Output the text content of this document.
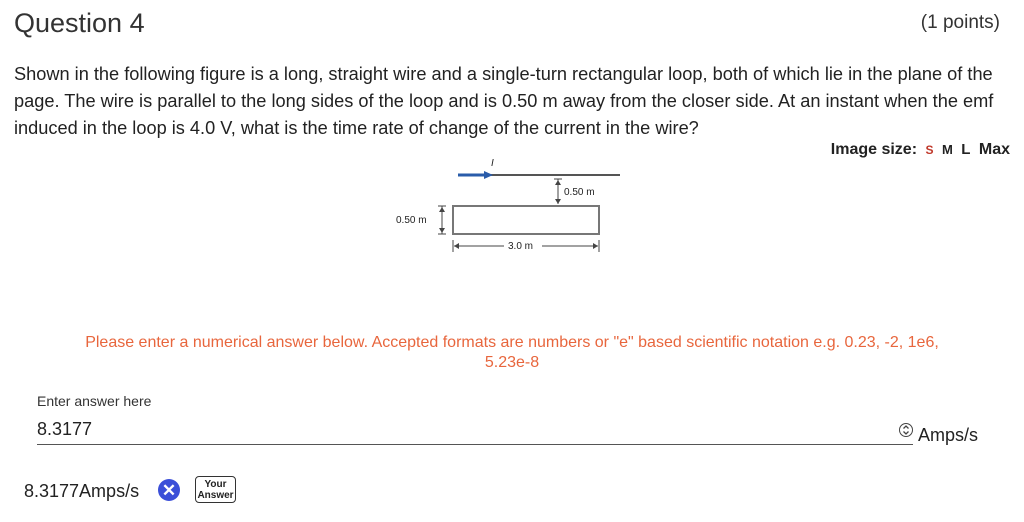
Question 4	(1 points)
Shown in the following figure is a long, straight wire and a single-turn rectangular loop, both of which lie in the plane of the page. The wire is parallel to the long sides of the loop and is 0.50 m away from the closer side. At an instant when the emf induced in the loop is 4.0 V, what is the time rate of change of the current in the wire?
Image size: S M L Max
I
0.50 m
0.50 m
3.0 m
Please enter a numerical answer below. Accepted formats are numbers or "e" based scientific notation e.g. 0.23, -2, 1e6,
5.23e-8
Enter answer here
8.3177
Amps/s
8.3177Amps/s ✕	Your
Answer
